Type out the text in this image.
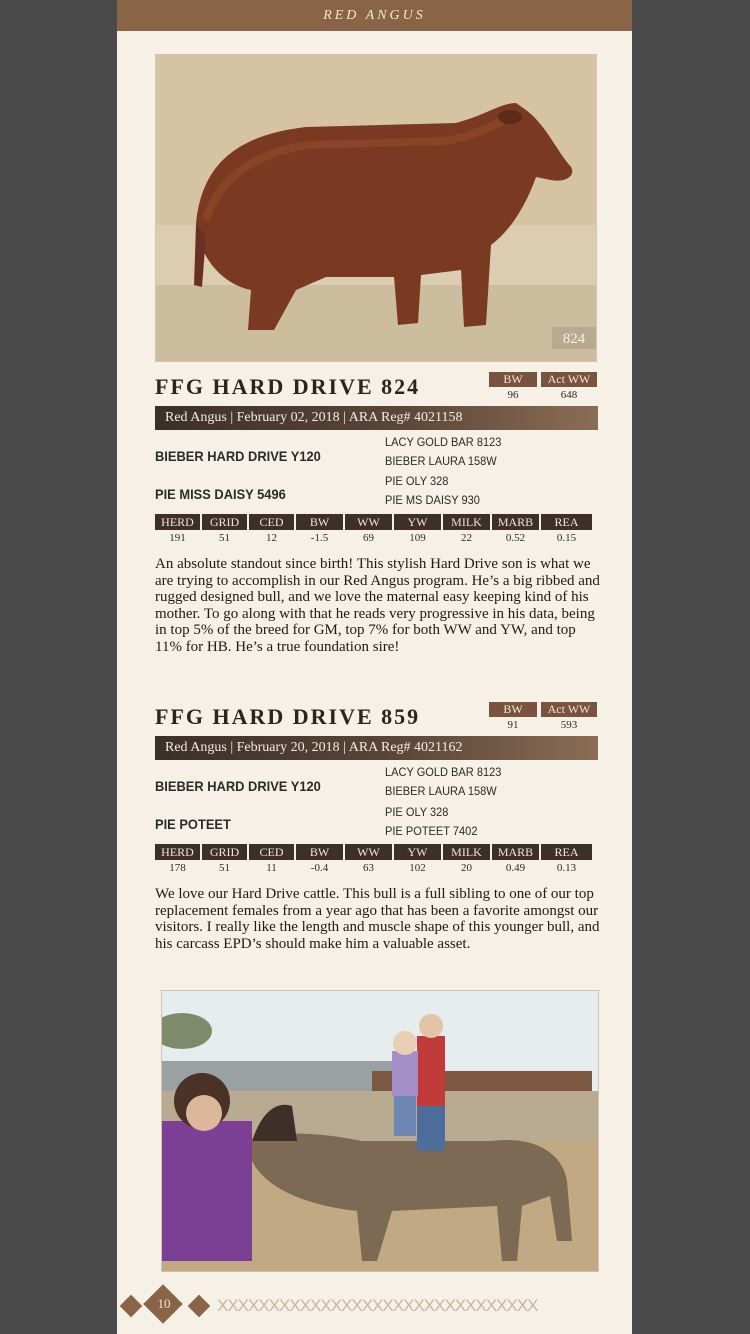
RED ANGUS
824
FFG HARD DRIVE 824	BW	Act WW
96	648
Red Angus | February 02, 2018 | ARA Reg# 4021158
BIEBER HARD DRIVE Y120
LACY GOLD BAR 8123
BIEBER LAURA 158W
PIE MISS DAISY 5496
PIE OLY 328
PIE MS DAISY 930
HERD	GRID	CED	BW	WW	YW	MILK	MARB	REA
191	51	12	-1.5	69	109	22	0.52	0.15
An absolute standout since birth! This stylish Hard Drive son is what we are trying to accomplish in our Red Angus program. He’s a big ribbed and rugged designed bull, and we love the maternal easy keeping kind of his mother. To go along with that he reads very progressive in his data, being in top 5% of the breed for GM, top 7% for both WW and YW, and top 11% for HB. He’s a true foundation sire!
FFG HARD DRIVE 859	BW	Act WW
91	593
Red Angus | February 20, 2018 | ARA Reg# 4021162
BIEBER HARD DRIVE Y120
LACY GOLD BAR 8123
BIEBER LAURA 158W
PIE POTEET
PIE OLY 328
PIE POTEET 7402
HERD	GRID	CED	BW	WW	YW	MILK	MARB	REA
178	51	11	-0.4	63	102	20	0.49	0.13
We love our Hard Drive cattle. This bull is a full sibling to one of our top replacement females from a year ago that has been a favorite amongst our visitors. I really like the length and muscle shape of this younger bull, and his carcass EPD’s should make him a valuable asset.
XXXXXXXXXXXXXXXXXXXXXXXXXXXXXXX
10
